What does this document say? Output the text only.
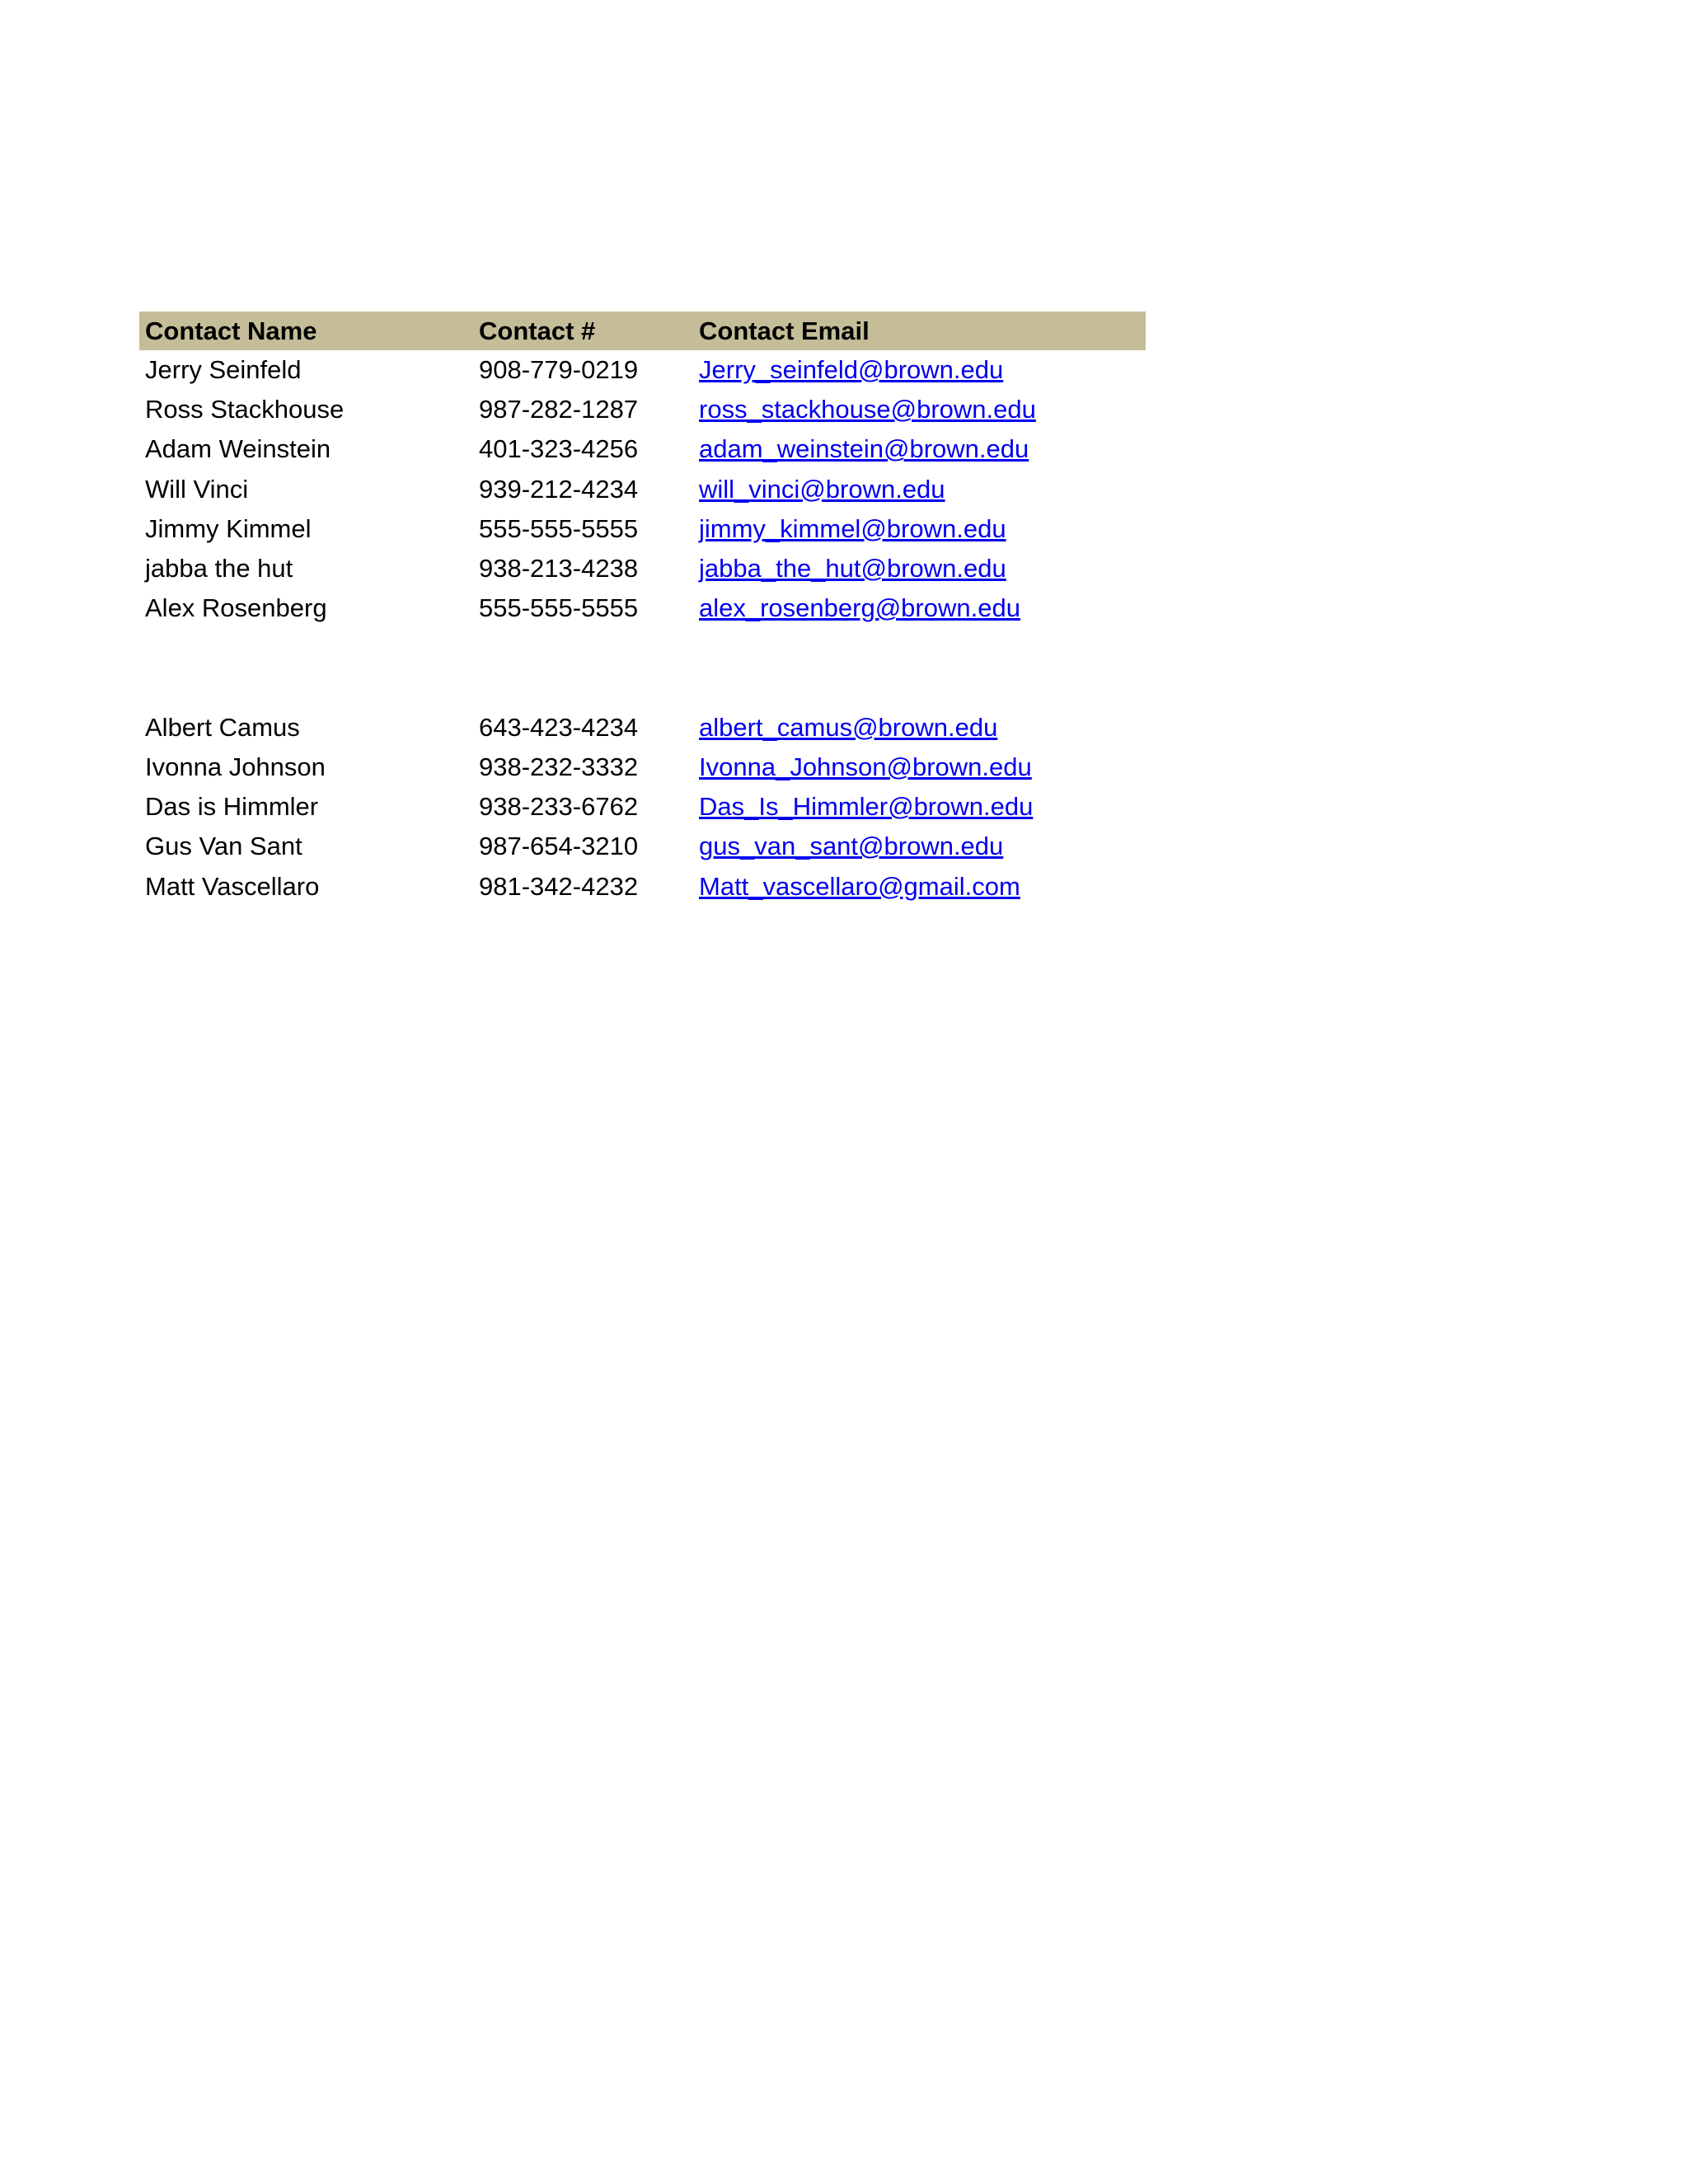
Contact Name	Contact #	Contact Email
Jerry Seinfeld	908-779-0219 Jerry_seinfeld@brown.edu
Ross Stackhouse	987-282-1287 ross_stackhouse@brown.edu
Adam Weinstein	401-323-4256 adam_weinstein@brown.edu
Will Vinci	939-212-4234 will_vinci@brown.edu
Jimmy Kimmel	555-555-5555 jimmy_kimmel@brown.edu
jabba the hut	938-213-4238 jabba_the_hut@brown.edu
Alex Rosenberg	555-555-5555 alex_rosenberg@brown.edu
Albert Camus	643-423-4234 albert_camus@brown.edu
Ivonna Johnson	938-232-3332 Ivonna_Johnson@brown.edu
Das is Himmler	938-233-6762 Das_Is_Himmler@brown.edu
Gus Van Sant	987-654-3210 gus_van_sant@brown.edu
Matt Vascellaro	981-342-4232 Matt_vascellaro@gmail.com
